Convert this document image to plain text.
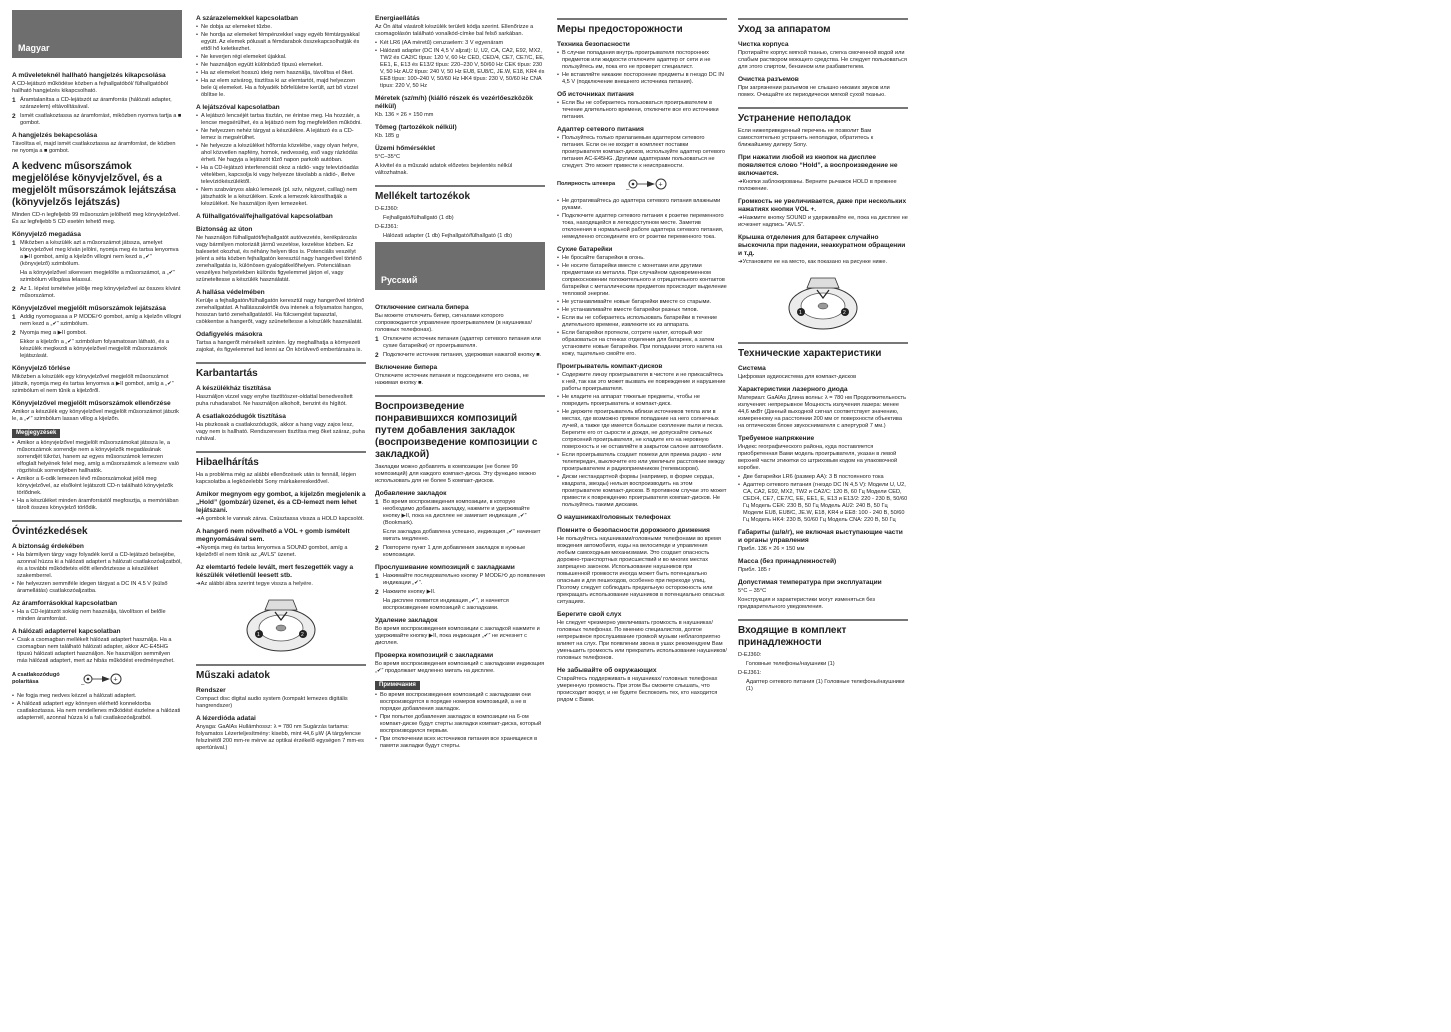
Magyar
A műveleteknél hallható hangjelzés kikapcsolása

A CD-lejátszó működése közben a fejhallgatóból/ fülhallgatóból hallható hangjelzés kikapcsolható.

1 Áramtalanítsa a CD-lejátszót az áramforrás (hálózati adapter, szárazelem) eltávolításával.
2 Ismét csatlakoztassa az áramforrást, miközben nyomva tartja a ■ gombot.
A hangjelzés bekapcsolása

Távolítsa el, majd ismét csatlakoztassa az áramforrást, de közben ne nyomja a ■ gombot.

A kedvenc műsorszámok megjelölése könyvjelzővel, és a megjelölt műsorszámok lejátszása (könyvjelzős lejátszás)

Minden CD-n legfeljebb 99 műsorszám jelölhető meg könyvjelzővel. És az legfeljebb 5 CD esetén tehető meg.

Könyvjelző megadása
1 Miközben a készülék azt a műsorszámot játssza, amelyet könyvjelzővel meg kíván jelölni, nyomja meg és tartsa lenyomva a ▶II gombot, amíg a kijelzőn villogni nem kezd a „✔” (könyvjelző) szimbólum.

Ha a könyvjelzővel sikeresen megjelölte a műsorszámot, a „✔” szimbólum villogása lelassul.

2 Az 1. lépést ismételve jelölje meg könyvjelzővel az összes kívánt műsorszámot.
Könyvjelzővel megjelölt műsorszámok lejátszása
1 Addig nyomogassa a P MODE/⟲ gombot, amíg a kijelzőn villogni nem kezd a „✔” szimbólum.
2 Nyomja meg a ▶II gombot.

Ekkor a kijelzőn a „✔” szimbólum folyamatosan látható, és a készülék megkezdi a könyvjelzővel megjelölt műsorszámok lejátszását.

Könyvjelző törlése

Miközben a készülék egy könyvjelzővel megjelölt műsorszámot játszik, nyomja meg és tartsa lenyomva a ▶II gombot, amíg a „✔” szimbólum el nem tűnik a kijelzőről.

Könyvjelzővel megjelölt műsorszámok ellenőrzése

Amikor a készülék egy könyvjelzővel megjelölt műsorszámot játszik le, a „✔” szimbólum lassan villog a kijelzőn.

Megjegyzések
• Amikor a könyvjelzővel megjelölt műsorszámokat játssza le, a műsorszámok sorrendje nem a könyvjelzők megadásának sorrendjét tükrözi, hanem az egyes műsorszámok lemezen elfoglalt helyének felel meg, amíg a műsorszámok a lemezre való rögzítésük sorrendjében hallhatók.
• Amikor a 6-odik lemezen lévő műsorszámokat jelöli meg könyvjelzővel, az elsőként lejátszott CD-n található könyvjelzők törlődnek.
• Ha a készüléket minden áramforrástól megfosztja, a memóriában tárolt összes könyvjelző törlődik.
Óvintézkedések
A biztonság érdekében
• Ha bármilyen tárgy vagy folyadék kerül a CD-lejátszó belsejébe, azonnal húzza ki a hálózati adaptert a hálózati csatlakozóaljzatból, és a további működtetés előtt ellenőriztesse a készüléket szakemberrel.
• Ne helyezzen semmiféle idegen tárgyat a DC IN 4.5 V (külső áramellátás) csatlakozóaljzatba.
Az áramforrásokkal kapcsolatban
• Ha a CD-lejátszót sokáig nem használja, távolítson el belőle minden áramforrást.
A hálózati adapterrel kapcsolatban
• Csak a csomagban mellékelt hálózati adaptert használja. Ha a csomagban nem található hálózati adapter, akkor AC-E45HG típusú hálózati adaptert használjon. Ne használjon semmilyen más hálózati adaptert, mert az hibás működést eredményezhet.
A csatlakozódugó polaritása	+
–
• Ne fogja meg nedves kézzel a hálózati adaptert.
• A hálózati adaptert egy könnyen elérhető konnektorba csatlakoztassa. Ha nem rendellenes működést észlelne a hálózati adapternél, azonnal húzza ki a fali csatlakozóaljzatból.
A szárazelemekkel kapcsolatban
• Ne dobja az elemeket tűzbe.
• Ne hordja az elemeket fémpénzekkel vagy egyéb fémtárgyakkal együtt. Az elemek pólusait a fémdarabok összekapcsolhatják és ettől hő keletkezhet.
• Ne keverjen régi elemeket újakkal.
• Ne használjon együtt különböző típusú elemeket.
• Ha az elemeket hosszú ideig nem használja, távolítsa el őket.
• Ha az elem szivárog, tisztítsa ki az elemtartót, majd helyezzen bele új elemeket. Ha a folyadék bőrfelületre került, azt bő vízzel öblítse le.
A lejátszóval kapcsolatban
• A lejátszó lencséjét tartsa tisztán, ne érintse meg. Ha hozzáér, a lencse megsérülhet, és a lejátszó nem fog megfelelően működni.
• Ne helyezzen nehéz tárgyat a készülékre. A lejátszó és a CD-lemez is megsérülhet.
• Ne helyezze a készüléket hőforrás közelébe, vagy olyan helyre, ahol közvetlen napfény, homok, nedvesség, eső vagy rázkódás érheti. Ne hagyja a lejátszót tűző napon parkoló autóban.
• Ha a CD-lejátszó interferenciát okoz a rádió- vagy televízióadás vételében, kapcsolja ki vagy helyezze távolabb a rádió-, illetve televíziókészüléktől.
• Nem szabványos alakú lemezek (pl. szív, négyzet, csillag) nem játszhatók le a készüléken. Ezek a lemezek károsíthatják a készüléket. Ne használjon ilyen lemezeket.
A fülhallgatóval/fejhallgatóval kapcsolatban
Biztonság az úton

Ne használjon fülhallgatót/fejhallgatót autóvezetés, kerékpározás vagy bármilyen motorizált jármű vezetése, kezelése közben. Ez balesetet okozhat, és néhány helyen tilos is. Potenciális veszélyt jelent a séta közben fejhallgatón keresztül nagy hangerővel történő zenehallgatás is, különösen gyalogátkelőhelyen. Potenciálisan veszélyes helyzetekben különös figyelemmel járjon el, vagy szüneteltesse a készülék használatát.

A hallása védelmében

Kerülje a fejhallgatón/fülhallgatón keresztül nagy hangerővel történő zenehallgatást. A hallásszakértők óva intenek a folyamatos hangos, hosszan tartó zenehallgatástól. Ha fülcsengést tapasztal, csökkentse a hangerőt, vagy szüneteltesse a készülék használatát.

Odafigyelés másokra

Tartsa a hangerőt mérsékelt szinten. Így meghallhatja a környezeti zajokat, és figyelemmel tud lenni az Ön körülvevő embertársaira is.

Karbantartás
A készülékház tisztítása

Használjon vizzel vagy enyhe tisztítószer-oldattal benedvesített puha ruhadarabot. Ne használjon alkoholt, benzint és hígítót.

A csatlakozódugók tisztítása

Ha piszkosak a csatlakozódugók, akkor a hang vagy zajos lesz, vagy nem is hallható. Rendszeresen tisztítsa meg őket száraz, puha ruhával.

Hibaelhárítás

Ha a problémа még az alábbi ellenőrzések után is fennáll, lépjen kapcsolatba a legközelebbi Sony márkakereskedővel.

Amikor megnyom egy gombot, a kijelzőn megjelenik a „Hold” (gombzár) üzenet, és a CD-lemezt nem lehet lejátszani.

➜A gombok le vannak zárva. Csúsztassa vissza a HOLD kapcsolót.

A hangerő nem növelhető a VOL + gomb ismételt megnyomásával sem.

➜Nyomja meg és tartsa lenyomva a SOUND gombot, amíg a kijelzőről el nem tűnik az „AVLS” üzenet.

Az elemtartó fedele levált, mert feszegették vagy a készülék véletlenül leesett stb.

➜Az alábbi ábra szerint tegye vissza a helyére.

1	2
Műszaki adatok
Rendszer

Compact disc digital audio system (kompakt lemezes digitális hangrendszer)

A lézerdióda adatai

Anyaga: GaAlAs Hullámhossz: λ = 780 nm Sugárzás tartama: folyamatos Lézerteljesítmény: kisebb, mint 44,6 μW (A tárgylencse felszínétől 200 mm-re mérve az optikai érzékelő egységen 7 mm-es apertúrával.)

Energiaellátás

Az Ön által vásárolt készülék területi kódja szerint. Ellenőrizze a csomagolásón található vonalkód-címke bal felső sarkában.

• Két LR6 (AA méretű) ceruzaelem: 3 V egyenáram
• Hálózati adapter (DC IN 4,5 V aljzat): U, U2, CA, CA2, E92, MX2, TW2 és CA2/C típus: 120 V, 60 Hz CED, CED/4, CE7, CE7/C, EE, EE1, E, E13 és E13/2 típus: 220–230 V, 50/60 Hz CEK típus: 230 V, 50 Hz AU2 típus: 240 V, 50 Hz EU8, EU8/C, JE.W, E18, KR4 és EE8 típus: 100–240 V, 50/60 Hz HK4 típus: 230 V, 50/60 Hz CNA típus: 220 V, 50 Hz
Méretek (sz/m/h) (kiálló részek és vezérlőeszközök nélkül)

Kb. 136 × 26 × 150 mm

Tömeg (tartozékok nélkül)

Kb. 185 g

Üzemi hőmérséklet

5°C–35°C

A kivitel és a műszaki adatok előzetes bejelentés nélkül változhatnak.

Mellékelt tartozékok

D-EJ360:

Fejhallgató/fülhallgató (1 db)

D-EJ361:

Hálózati adapter (1 db) Fejhallgató/fülhallgató (1 db)

Русский
Отключение сигнала бипера

Вы можете отключить бипер, сигналами которого сопровождается управление проигрывателем (в наушниках/головных телефонах).

1 Отключите источник питания (адаптер сетевого питания или сухие батарейки) от проигрывателя.
2 Подключите источник питания, удерживая нажатой кнопку ■.
Включение бипера

Отключите источник питания и подсоедините его снова, не нажимая кнопку ■.

Воспроизведение понравившихся композиций путем добавления закладок (воспроизведение композиции с закладкой)

Закладки можно добавлять в композиции (не более 99 композиций) для каждого компакт-диска. Эту функцию можно использовать для не более 5 компакт-дисков.

Добавление закладок
1 Во время воспроизведения композиции, в которую необходимо добавить закладку, нажмите и удерживайте кнопку ▶II, пока на дисплее не замигает индикация „✔” (Bookmark).

Если закладка добавлена успешно, индикация „✔” начинает мигать медленно.

2 Повторите пункт 1 для добавления закладок в нужные композиции.
Прослушивание композиций с закладками
1 Нажимайте последовательно кнопку P MODE/⟲ до появления индикации „✔”.
2 Нажмите кнопку ▶II.

На дисплее появится индикация „✔”, и начнется воспроизведение композиций с закладками.

Удаление закладок

Во время воспроизведения композиции с закладкой нажмите и удерживайте кнопку ▶II, пока индикация „✔” не исчезнет с дисплея.

Проверка композиций с закладками

Во время воспроизведения композиций с закладками индикация „✔” продолжает медленно мигать на дисплее.

Примечания
• Во время воспроизведения композиций с закладками они воспроизводятся в порядке номеров композиций, а не в порядке добавления закладок.
• При попытке добавления закладок в композиции на 6-ом компакт-диске будут стерты закладки компакт-диска, который воспроизводился первым.
• При отключении всех источников питания все хранящиеся в памяти закладки будут стерты.
Меры предосторожности
Техника безопасности
• В случае попадания внутрь проигрывателя посторонних предметов или жидкости отключите адаптер от сети и не пользуйтесь им, пока его не проверит специалист.
• Не вставляйте никакие посторонние предметы в гнездо DC IN 4,5 V (подключение внешнего источника питания).
Об источниках питания
• Если Вы не собираетесь пользоваться проигрывателем в течение длительного времени, отключите все его источники питания.
Адаптер сетевого питания
• Пользуйтесь только прилагаемым адаптером сетевого питания. Если он не входит в комплект поставки проигрывателя компакт-дисков, используйте адаптер сетевого питания AC-E45HG. Другими адаптерами пользоваться не следует. Это может привести к неисправности.
Полярность штекера	+
–
• Не дотрагивайтесь до адаптера сетевого питания влажными руками.
• Подключите адаптер сетевого питания к розетке переменного тока, находящейся в легкодоступном месте. Заметив отклонения в нормальной работе адаптера сетевого питания, немедленно отсоедините его от розетки переменного тока.
Сухие батарейки
• Не бросайте батарейки в огонь.
• Не носите батарейки вместе с монетами или другими предметами из металла. При случайном одновременном соприкосновении положительного и отрицательного контактов батарейки с металлическим предметом происходит выделение тепловой энергии.
• Не устанавливайте новые батарейки вместе со старыми.
• Не устанавливайте вместе батарейки разных типов.
• Если вы не собираетесь использовать батарейки в течение длительного времени, извлеките их из аппарата.
• Если батарейки протекли, сотрите налет, который мог образоваться на стенках отделения для батареек, а затем установите новые батарейки. При попадании этого налета на кожу, тщательно смойте его.
Проигрыватель компакт-дисков
• Содержите линзу проигрывателя в чистоте и не прикасайтесь к ней, так как это может вызвать ее повреждение и нарушение работы проигрывателя.
• Не кладите на аппарат тяжелые предметы, чтобы не повредить проигрыватель и компакт-диск.
• Не держите проигрыватель вблизи источников тепла или в местах, где возможно прямое попадание на него солнечных лучей, а также где имеется большое скопление пыли и песка. Берегите его от сырости и дождя, не допускайте сильных сотрясений проигрывателя, не кладите его на неровную поверхность и не оставляйте в закрытом салоне автомобиля.
• Если проигрыватель создает помехи для приема радио - или телепередач, выключите его или увеличьте расстояние между проигрывателем и радиоприемником (телевизором).
• Диски нестандартной формы (например, в форме сердца, квадрата, звезды) нельзя воспроизводить на этом проигрывателе компакт-дисков. В противном случае это может привести к повреждению проигрывателя компакт-дисков. Не пользуйтесь такими дисками.
О наушниках/головных телефонах
Помните о безопасности дорожного движения

Не пользуйтесь наушниками/головными телефонами во время вождения автомобиля, езды на велосипеде и управления любым самоходным механизмами. Это создает опасность дорожно-транспортных происшествий и во многих местах запрещено законом. Использование наушников при повышенной громкости иногда может быть потенциально опасным и для пешеходов, особенно при переходе улиц. Поэтому следует соблюдать предельную осторожность или прекращать использование наушников в потенциально опасных ситуациях.

Берегите свой слух

Не следует чрезмерно увеличивать громкость в наушниках/головных телефонах. По мнению специалистов, долгое непрерывное прослушивание громкой музыки неблагоприятно влияет на слух. При появлении звона в ушах рекомендуем Вам уменьшить громкость или прекратить использование наушников/головных телефонов.

Не забывайте об окружающих

Старайтесь поддерживать в наушниках/ головных телефонах умеренную громкость. При этом Вы сможете слышать, что происходит вокруг, и не будете беспокоить тех, кто находится рядом с Вами.

Уход за аппаратом
Чистка корпуса

Протирайте корпус мягкой тканью, слегка смоченной водой или слабым раствором моющего средства. Не следует пользоваться для этого спиртом, бензином или разбавителем.

Очистка разъемов

При загрязнении разъемов не слышно никаких звуков или помех. Очищайте их периодически мягкой сухой тканью.

Устранение неполадок

Если нижеприведенный перечень не позволит Вам самостоятельно устранить неполадки, обратитесь к ближайшему дилеру Sony.

При нажатии любой из кнопок на дисплее появляется слово “Hold”, а воспроизведение не включается.

➜Кнопки заблокированы. Верните рычажок HOLD в прежнее положение.

Громкость не увеличивается, даже при нескольких нажатиях кнопки VOL +.

➜Нажмите кнопку SOUND и удерживайте ее, пока на дисплее не исчезнет надпись “AVLS”.

Крышка отделения для батареек случайно выскочила при падении, неаккуратном обращении и т.д.

➜Установите ее на место, как показано на рисунке ниже.

1	2
Технические характеристики
Система

Цифровая аудиосистема для компакт-дисков

Характеристики лазерного диода

Материал: GaAlAs Длина волны: λ = 780 нм Продолжительность излучения: непрерывное Мощность излучения лазера: менее 44,6 мкВт (Данный выходной сигнал соответствует значению, измеренному на расстоянии 200 мм от поверхности объектива на оптическом блоке звукоснимателя с апертурой 7 мм.)

Требуемое напряжение

Индекс географического района, куда поставляется приобретенная Вами модель проигрывателя, указан в левой верхней части этикетки со штриховым кодом на упаковочной коробке.

• Две батарейки LR6 (размер АА): 3 В постоянного тока
• Адаптер сетевого питания (гнездо DC IN 4,5 V): Модели U, U2, CA, CA2, E92, MX2, TW2 и CA2/C: 120 В, 60 Гц Модели CED, CED/4, CE7, CE7/C, EE, EE1, E, E13 и E13/2: 220 - 230 В, 50/60 Гц Модель CEK: 230 В, 50 Гц Модель AU2: 240 В, 50 Гц Модели EU8, EU8/C, JE.W, E18, KR4 и EE8: 100 - 240 В, 50/60 Гц Модель HK4: 230 В, 50/60 Гц Модель CNA: 220 В, 50 Гц
Габариты (ш/в/г), не включая выступающие части и органы управления

Прибл. 136 × 26 × 150 мм

Масса (без принадлежностей)

Прибл. 185 г

Допустимая температура при эксплуатации

5°C – 35°C

Конструкция и характеристики могут изменяться без предварительного уведомления.

Входящие в комплект принадлежности

D-EJ360:

Головные телефоны/наушники (1)

D-EJ361:

Адаптер сетевого питания (1) Головные телефоны/наушники (1)
